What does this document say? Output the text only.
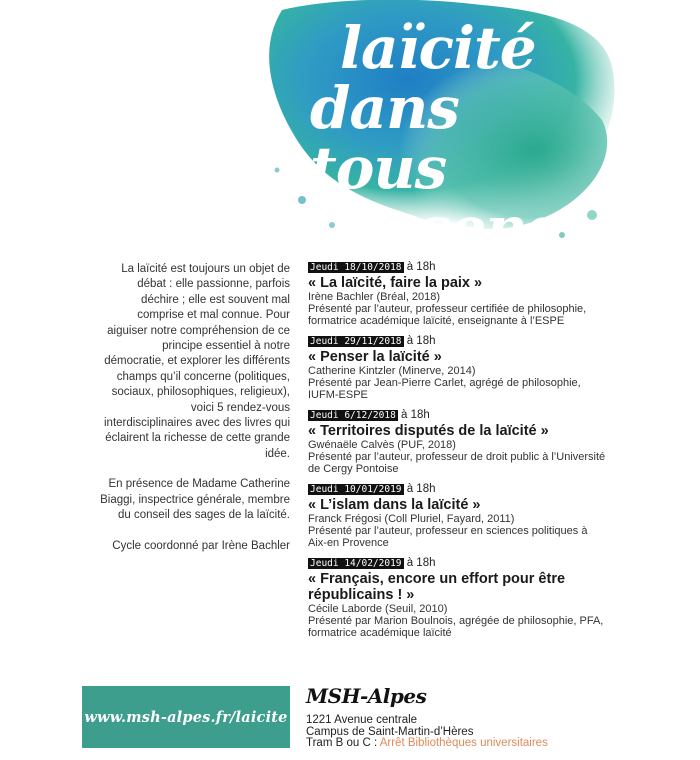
laïcité
dans tous
les sens

La laïcité est toujours un objet de débat : elle passionne, parfois déchire ; elle est souvent mal comprise et mal connue. Pour aiguiser notre compréhension de ce principe essentiel à notre démocratie, et explorer les différents champs qu’il concerne (politiques, sociaux, philosophiques, religieux), voici 5 rendez-vous interdisciplinaires avec des livres qui éclairent la richesse de cette grande idée.

En présence de Madame Catherine Biaggi, inspectrice générale, membre du conseil des sages de la laïcité.

Cycle coordonné par Irène Bachler

Jeudi 18/10/2018 à 18h
« La laïcité, faire la paix »
Irène Bachler (Bréal, 2018)
Présenté par l’auteur, professeur certifiée de philosophie, formatrice académique laïcité, enseignante à l’ESPE
Jeudi 29/11/2018 à 18h
« Penser la laïcité »
Catherine Kintzler (Minerve, 2014)
Présenté par Jean-Pierre Carlet, agrégé de philosophie, IUFM-ESPE
Jeudi 6/12/2018 à 18h
« Territoires disputés de la laïcité »
Gwénaële Calvès (PUF, 2018)
Présenté par l’auteur, professeur de droit public à l’Université de Cergy Pontoise
Jeudi 10/01/2019 à 18h
« L’islam dans la laïcité »
Franck Frégosi (Coll Pluriel, Fayard, 2011)
Présenté par l’auteur, professeur en sciences politiques à Aix-en Provence
Jeudi 14/02/2019 à 18h
« Français, encore un effort pour être républicains ! »
Cécile Laborde (Seuil, 2010)
Présenté par Marion Boulnois, agrégée de philosophie, PFA, formatrice académique laïcité
www.msh-alpes.fr/laicite
MSH-Alpes
1221 Avenue centrale
Campus de Saint-Martin-d’Hères
Tram B ou C : Arrêt Bibliothèques universitaires
